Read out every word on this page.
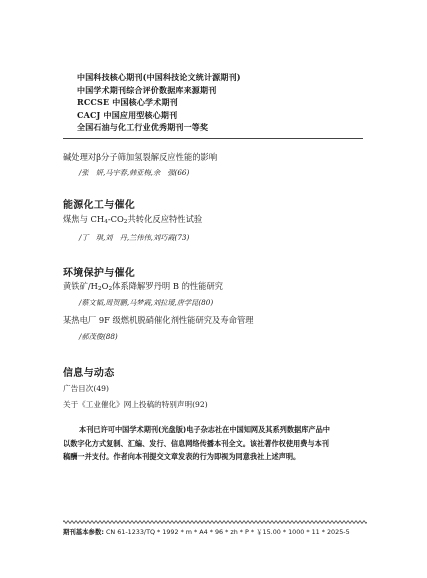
中国科技核心期刊(中国科技论文统计源期刊)
中国学术期刊综合评价数据库来源期刊
RCCSE 中国核心学术期刊
CACJ 中国应用型核心期刊
全国石油与化工行业优秀期刊一等奖
碱处理对β分子筛加氢裂解反应性能的影响
/张　妍,马宇春,韩亚梅,余　强(66)
能源化工与催化
煤焦与 $CH_4-CO_2$共转化反应特性试验
/丁　琪,刘　丹,兰伟伟,刘巧霞(73)
环境保护与催化
黄铁矿$/H_2O_2$体系降解罗丹明 B 的性能研究
/蔡文韬,周贺鹏,马梦霞,刘拉瑷,唐学昆(80)
某热电厂 9F 级燃机脱硝催化剂性能研究及寿命管理
/郝茂俊(88)
信息与动态
广告目次(49)
关于《工业催化》网上投稿的特别声明(92)
本刊已许可中国学术期刊(光盘版)电子杂志社在中国知网及其系列数据库产品中
以数字化方式复制、汇编、发行、信息网络传播本刊全文。该社著作权使用费与本刊
稿酬一并支付。作者向本刊提交文章发表的行为即视为同意我社上述声明。
期刊基本参数: CN 61-1233/TQ * 1992 * m * A4 * 96 * zh * P * ￥15.00 * 1000 * 11 * 2025-5
